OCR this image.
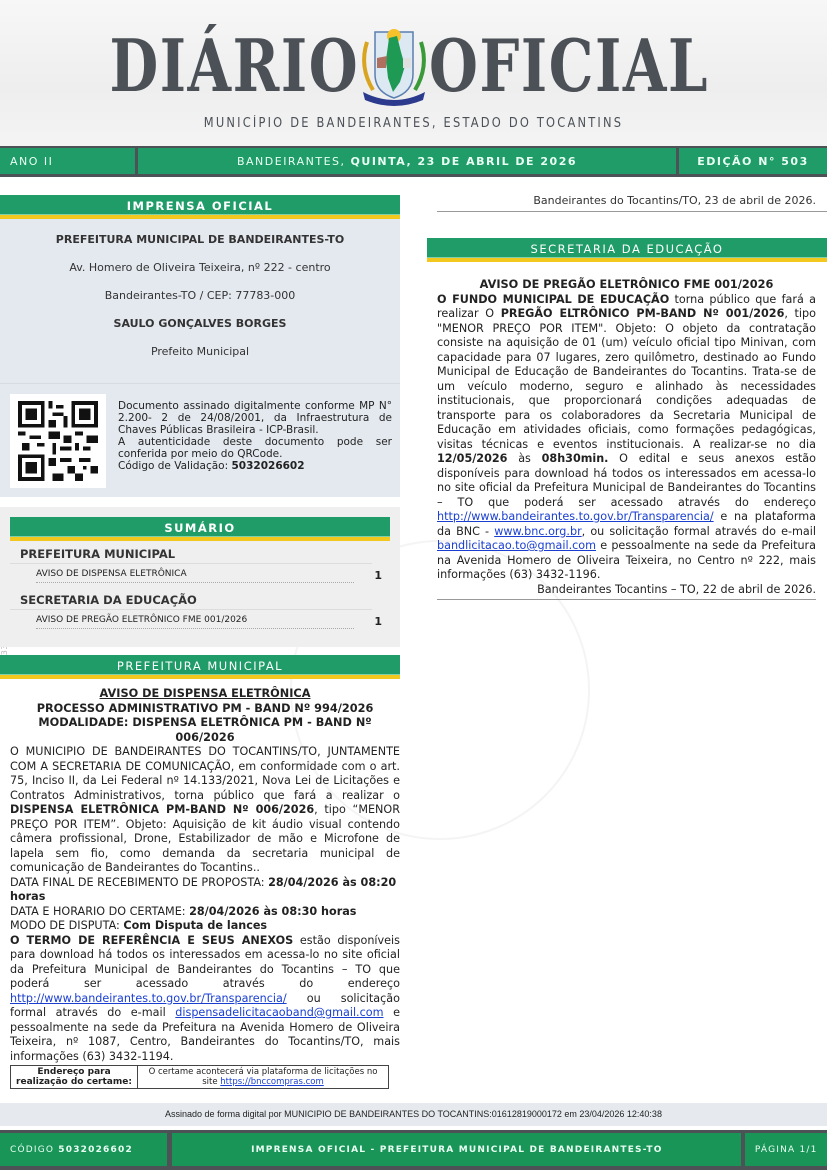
DIÁRIO OFICIAL
MUNICÍPIO DE BANDEIRANTES, ESTADO DO TOCANTINS
ANO II	BANDEIRANTES,
QUINTA, 23 DE ABRIL DE 2026	EDIÇÃO N° 503
IMPRENSA OFICIAL
PREFEITURA MUNICIPAL DE BANDEIRANTES-TO
Av. Homero de Oliveira Teixeira, nº 222 - centro
Bandeirantes-TO / CEP: 77783-000
SAULO GONÇALVES BORGES
Prefeito Municipal
Documento assinado digitalmente conforme MP N° 2.200- 2 de 24/08/2001, da Infraestrutura de Chaves Públicas Brasileira - ICP-Brasil.
A autenticidade deste documento pode ser conferida por meio do QRCode.
Código de Validação: 5032026602
SUMÁRIO
PREFEITURA MUNICIPAL
AVISO DE DISPENSA ELETRÔNICA	1
SECRETARIA DA EDUCAÇÃO
AVISO DE PREGÃO ELETRÔNICO FME 001/2026	1
PREFEITURA MUNICIPAL
AVISO DE DISPENSA ELETRÔNICA
PROCESSO ADMINISTRATIVO PM - BAND Nº 994/2026
MODALIDADE: DISPENSA ELETRÔNICA PM - BAND Nº 006/2026

O MUNICIPIO DE BANDEIRANTES DO TOCANTINS/TO, JUNTAMENTE COM A SECRETARIA DE COMUNICAÇÃO, em conformidade com o art. 75, Inciso II, da Lei Federal nº 14.133/2021, Nova Lei de Licitações e Contratos Administrativos, torna público que fará a realizar o DISPENSA ELETRÔNICA PM-BAND Nº 006/2026, tipo “MENOR PREÇO POR ITEM”. Objeto: Aquisição de kit áudio visual contendo câmera profissional, Drone, Estabilizador de mão e Microfone de lapela sem fio, como demanda da secretaria municipal de comunicação de Bandeirantes do Tocantins..

DATA FINAL DE RECEBIMENTO DE PROPOSTA: 28/04/2026 às 08:20 horas

DATA E HORARIO DO CERTAME: 28/04/2026 às 08:30 horas

MODO DE DISPUTA: Com Disputa de lances

O TERMO DE REFERÊNCIA E SEUS ANEXOS estão disponíveis para download há todos os interessados em acessa-lo no site oficial da Prefeitura Municipal de Bandeirantes do Tocantins – TO que poderá ser acessado através do endereço http://www.bandeirantes.to.gov.br/Transparencia/ ou solicitação formal através do e-mail dispensadelicitacaoband@gmail.com e pessoalmente na sede da Prefeitura na Avenida Homero de Oliveira Teixeira, nº 1087, Centro, Bandeirantes do Tocantins/TO, mais informações (63) 3432-1194.

Endereço para realização do certame:	O certame acontecerá via plataforma de licitações no site https://bnccompras.com
Bandeirantes do Tocantins/TO, 23 de abril de 2026.
SECRETARIA DA EDUCAÇÃO
AVISO DE PREGÃO ELETRÔNICO FME 001/2026

O FUNDO MUNICIPAL DE EDUCAÇÃO torna público que fará a realizar O PREGÃO ELTRÔNICO PM-BAND Nº 001/2026, tipo "MENOR PREÇO POR ITEM". Objeto: O objeto da contratação consiste na aquisição de 01 (um) veículo oficial tipo Minivan, com capacidade para 07 lugares, zero quilômetro, destinado ao Fundo Municipal de Educação de Bandeirantes do Tocantins. Trata-se de um veículo moderno, seguro e alinhado às necessidades institucionais, que proporcionará condições adequadas de transporte para os colaboradores da Secretaria Municipal de Educação em atividades oficiais, como formações pedagógicas, visitas técnicas e eventos institucionais. A realizar-se no dia 12/05/2026 às 08h30min. O edital e seus anexos estão disponíveis para download há todos os interessados em acessa-lo no site oficial da Prefeitura Municipal de Bandeirantes do Tocantins – TO que poderá ser acessado através do endereço http://www.bandeirantes.to.gov.br/Transparencia/ e na plataforma da BNC - www.bnc.org.br, ou solicitação formal através do e-mail bandlicitacao.to@gmail.com e pessoalmente na sede da Prefeitura na Avenida Homero de Oliveira Teixeira, no Centro nº 222, mais informações (63) 3432-1196.

Bandeirantes Tocantins – TO, 22 de abril de 2026.
Assinado de forma digital por MUNICIPIO DE BANDEIRANTES DO TOCANTINS:01612819000172 em 23/04/2026 12:40:38
CÓDIGO
5032026602	IMPRENSA OFICIAL - PREFEITURA MUNICIPAL DE BANDEIRANTES-TO	PÁGINA 1/1
